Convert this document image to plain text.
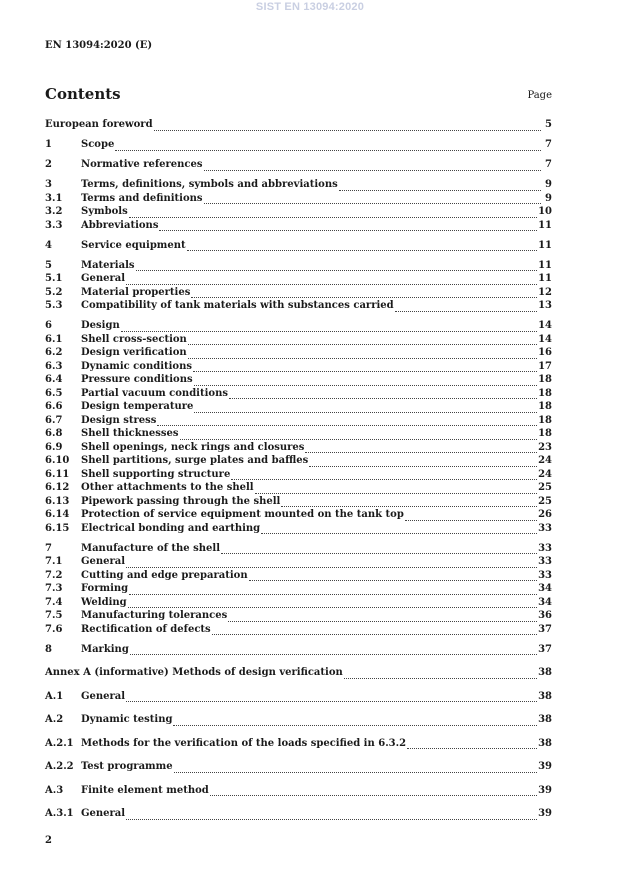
SIST EN 13094:2020
EN 13094:2020 (E)
Contents	Page
European foreword	5
1	Scope	7
2	Normative references	7
3	Terms, definitions, symbols and abbreviations	9
3.1	Terms and definitions	9
3.2	Symbols	10
3.3	Abbreviations	11
4	Service equipment	11
5	Materials	11
5.1	General	11
5.2	Material properties	12
5.3	Compatibility of tank materials with substances carried	13
6	Design	14
6.1	Shell cross-section	14
6.2	Design verification	16
6.3	Dynamic conditions	17
6.4	Pressure conditions	18
6.5	Partial vacuum conditions	18
6.6	Design temperature	18
6.7	Design stress	18
6.8	Shell thicknesses	18
6.9	Shell openings, neck rings and closures	23
6.10	Shell partitions, surge plates and baffles	24
6.11	Shell supporting structure	24
6.12	Other attachments to the shell	25
6.13	Pipework passing through the shell	25
6.14	Protection of service equipment mounted on the tank top	26
6.15	Electrical bonding and earthing	33
7	Manufacture of the shell	33
7.1	General	33
7.2	Cutting and edge preparation	33
7.3	Forming	34
7.4	Welding	34
7.5	Manufacturing tolerances	36
7.6	Rectification of defects	37
8	Marking	37
Annex A (informative) Methods of design verification	38
A.1	General	38
A.2	Dynamic testing	38
A.2.1 Methods for the verification of the loads specified in 6.3.2	38
A.2.2 Test programme	39
A.3	Finite element method	39
A.3.1 General	39
2
